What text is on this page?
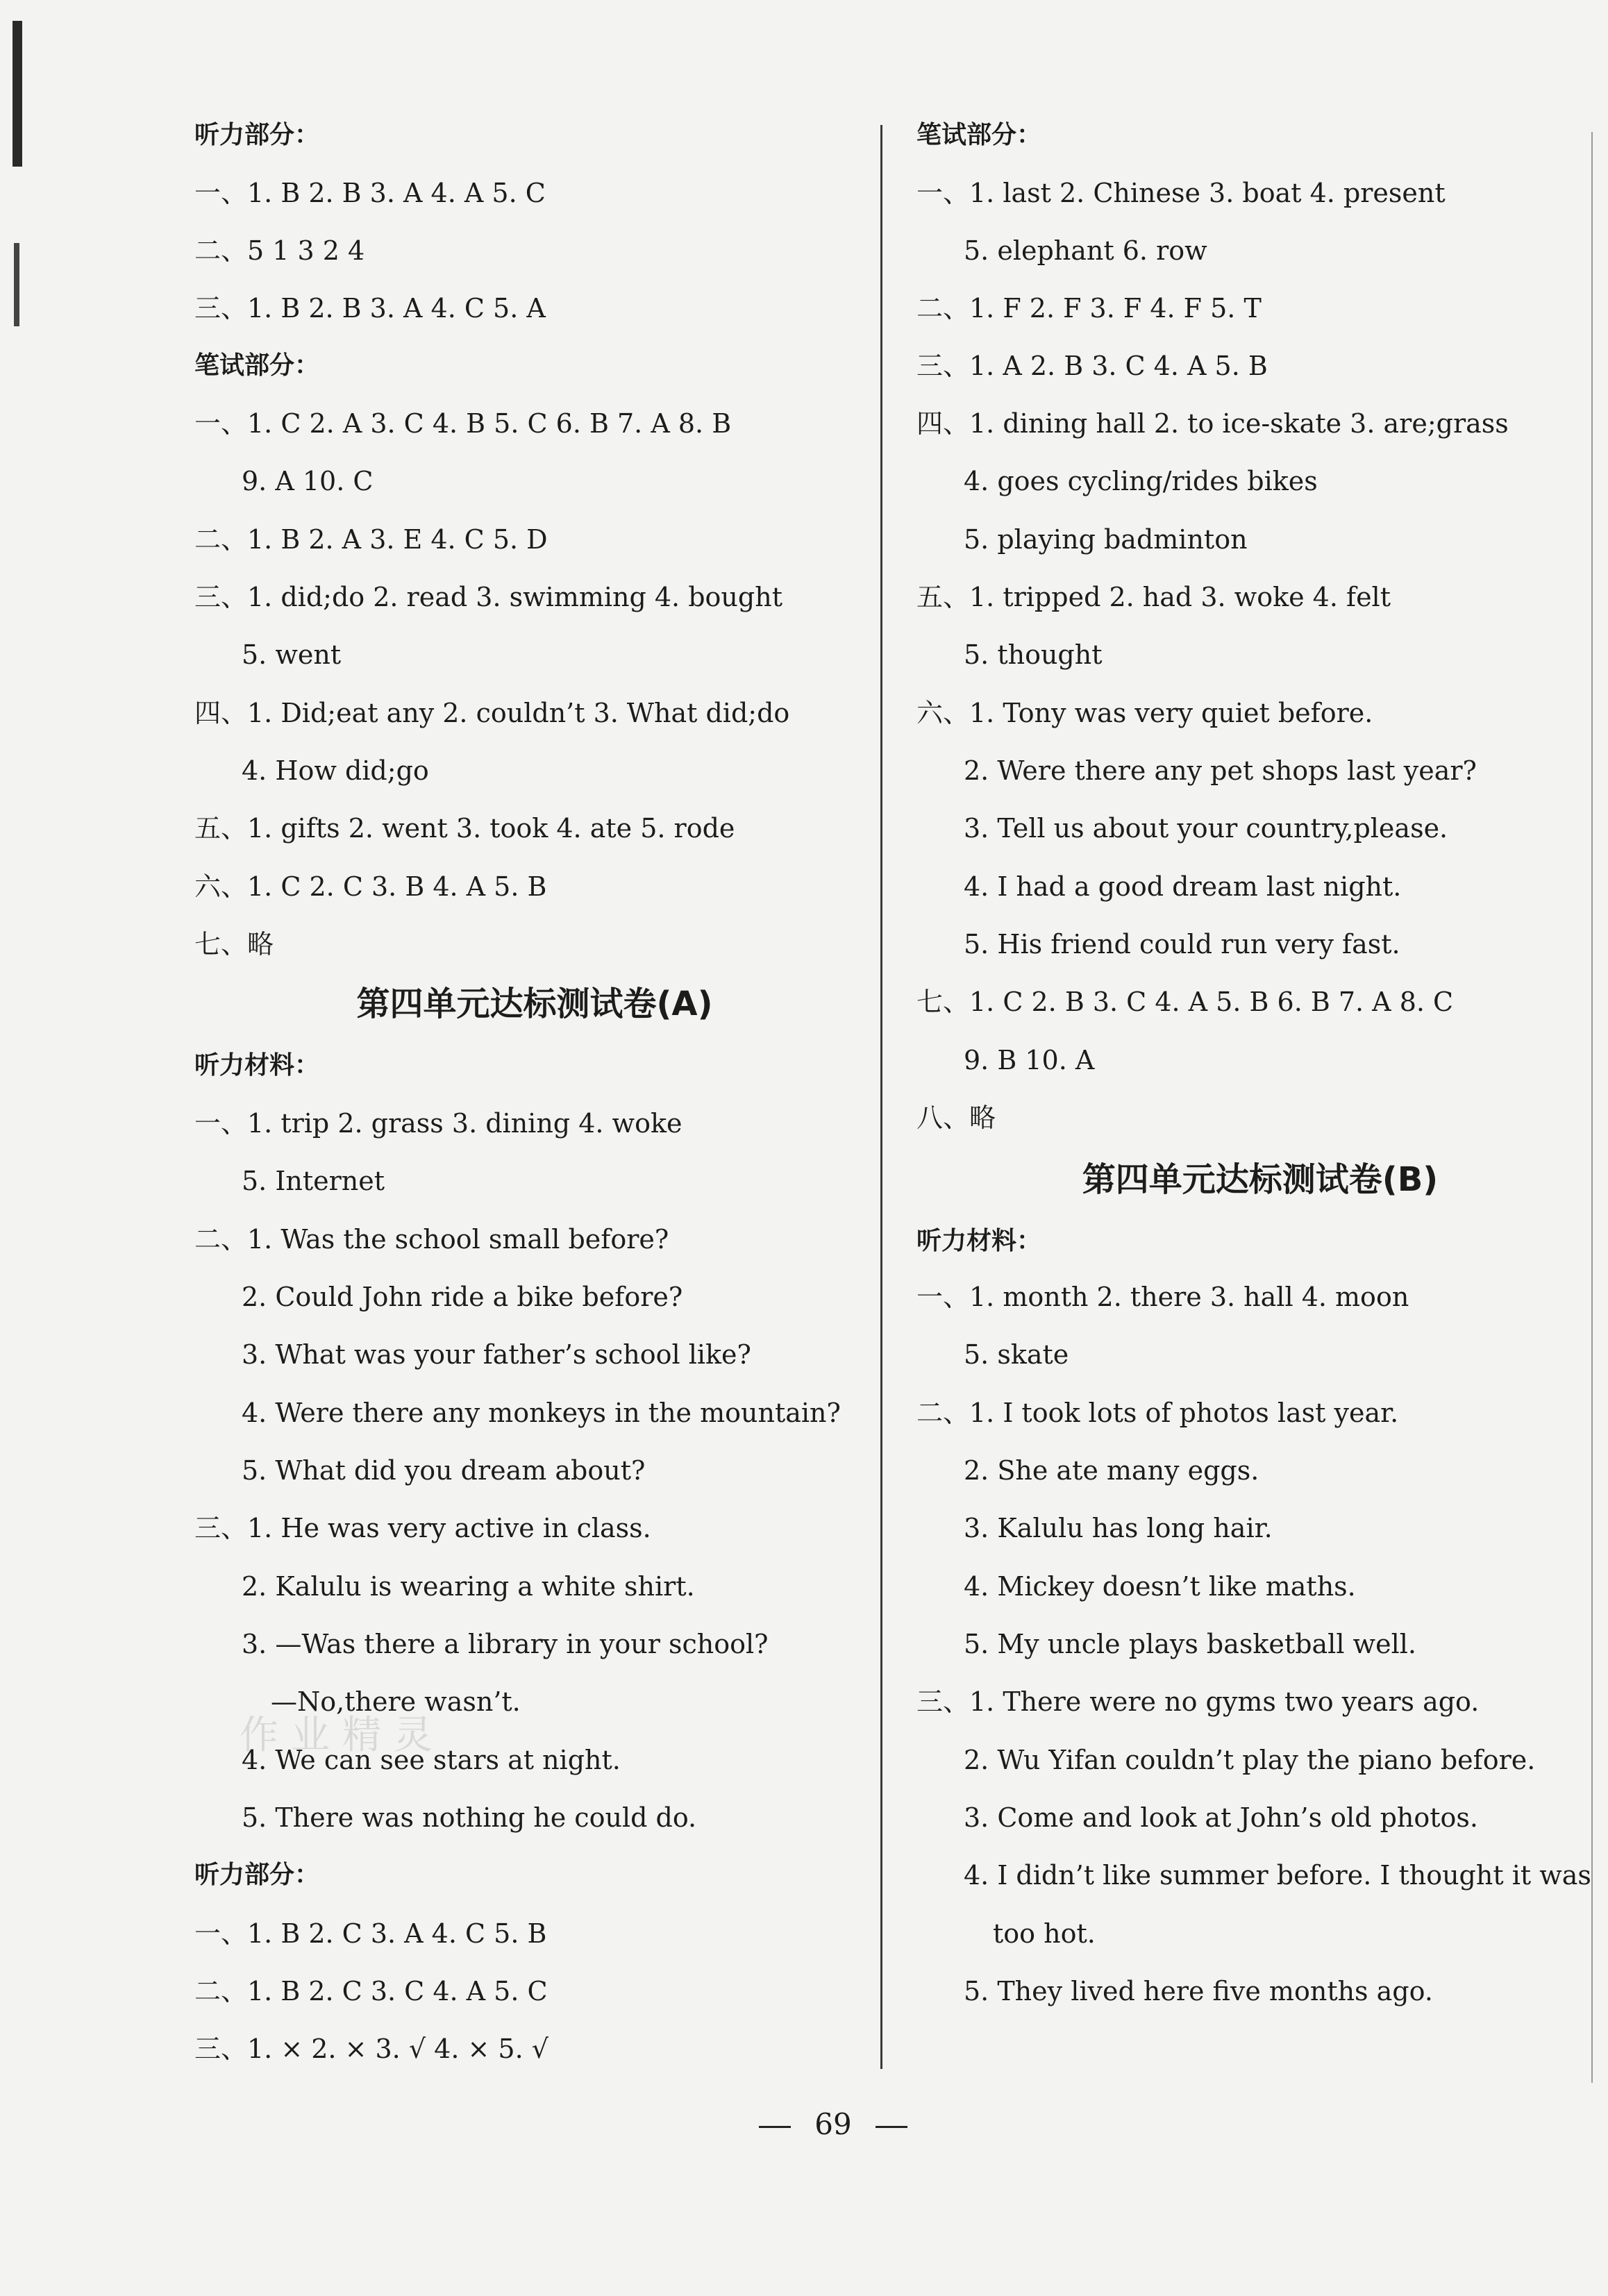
听力部分：
一、1. B 2. B 3. A 4. A 5. C
二、5 1 3 2 4
三、1. B 2. B 3. A 4. C 5. A
笔试部分：
一、1. C 2. A 3. C 4. B 5. C 6. B 7. A 8. B
9. A 10. C
二、1. B 2. A 3. E 4. C 5. D
三、1. did;do 2. read 3. swimming 4. bought
5. went
四、1. Did;eat any 2. couldn’t 3. What did;do
4. How did;go
五、1. gifts 2. went 3. took 4. ate 5. rode
六、1. C 2. C 3. B 4. A 5. B
七、略
第四单元达标测试卷(A)
听力材料：
一、1. trip 2. grass 3. dining 4. woke
5. Internet
二、1. Was the school small before?
2. Could John ride a bike before?
3. What was your father’s school like?
4. Were there any monkeys in the mountain?
5. What did you dream about?
三、1. He was very active in class.
2. Kalulu is wearing a white shirt.
3. —Was there a library in your school?
—No,there wasn’t.
4. We can see stars at night.
5. There was nothing he could do.
听力部分：
一、1. B 2. C 3. A 4. C 5. B
二、1. B 2. C 3. C 4. A 5. C
三、1. × 2. × 3. √ 4. × 5. √
笔试部分：
一、1. last 2. Chinese 3. boat 4. present
5. elephant 6. row
二、1. F 2. F 3. F 4. F 5. T
三、1. A 2. B 3. C 4. A 5. B
四、1. dining hall 2. to ice-skate 3. are;grass
4. goes cycling/rides bikes
5. playing badminton
五、1. tripped 2. had 3. woke 4. felt
5. thought
六、1. Tony was very quiet before.
2. Were there any pet shops last year?
3. Tell us about your country,please.
4. I had a good dream last night.
5. His friend could run very fast.
七、1. C 2. B 3. C 4. A 5. B 6. B 7. A 8. C
9. B 10. A
八、略
第四单元达标测试卷(B)
听力材料：
一、1. month 2. there 3. hall 4. moon
5. skate
二、1. I took lots of photos last year.
2. She ate many eggs.
3. Kalulu has long hair.
4. Mickey doesn’t like maths.
5. My uncle plays basketball well.
三、1. There were no gyms two years ago.
2. Wu Yifan couldn’t play the piano before.
3. Come and look at John’s old photos.
4. I didn’t like summer before. I thought it was
too hot.
5. They lived here five months ago.
作业精灵
69
